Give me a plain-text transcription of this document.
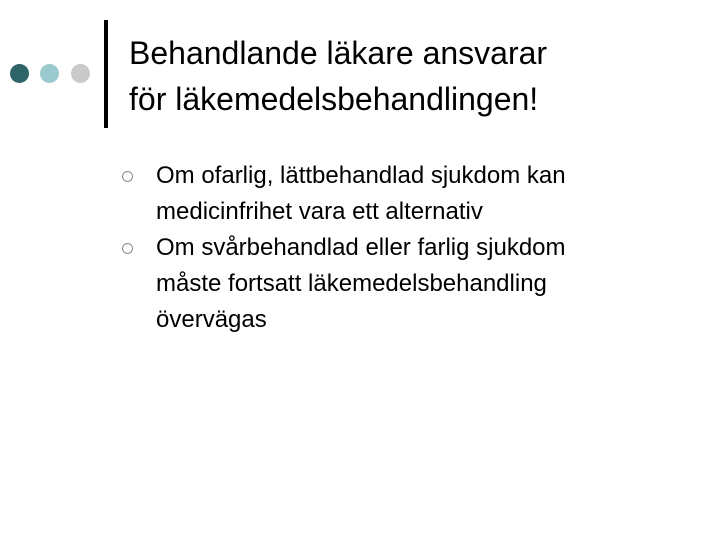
Behandlande läkare ansvarar
för läkemedelsbehandlingen!
Om ofarlig, lättbehandlad sjukdom kan
medicinfrihet vara ett alternativ
Om svårbehandlad eller farlig sjukdom
måste fortsatt läkemedelsbehandling
övervägas
